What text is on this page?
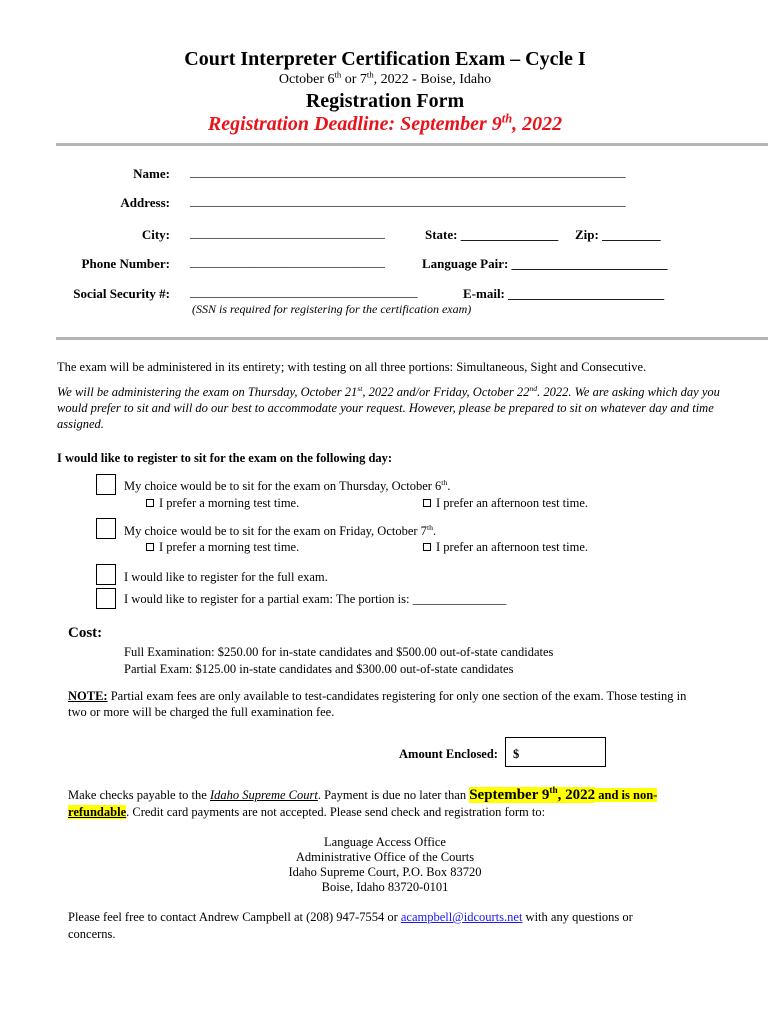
Court Interpreter Certification Exam – Cycle I
October 6th or 7th, 2022 - Boise, Idaho
Registration Form
Registration Deadline: September 9th, 2022
Name: ___________________________________________________________________
Address: ___________________________________________________________________
City: ______________________________	State: _______________ Zip: _________
Phone Number: ______________________________	Language Pair: ________________________
Social Security #: ___________________________________	E-mail: ________________________
(SSN is required for registering for the certification exam)
The exam will be administered in its entirety; with testing on all three portions: Simultaneous, Sight and Consecutive.
We will be administering the exam on Thursday, October 21st, 2022 and/or Friday, October 22nd. 2022. We are asking which day you would prefer to sit and will do our best to accommodate your request. However, please be prepared to sit on whatever day and time assigned.
I would like to register to sit for the exam on the following day:
My choice would be to sit for the exam on Thursday, October 6th.
I prefer a morning test time.	I prefer an afternoon test time.
My choice would be to sit for the exam on Friday, October 7th.
I prefer a morning test time.	I prefer an afternoon test time.
I would like to register for the full exam.
I would like to register for a partial exam: The portion is: _______________
Cost:
Full Examination: $250.00 for in-state candidates and $500.00 out-of-state candidates
Partial Exam: $125.00 in-state candidates and $300.00 out-of-state candidates
NOTE: Partial exam fees are only available to test-candidates registering for only one section of the exam. Those testing in two or more will be charged the full examination fee.
Amount Enclosed: $
Make checks payable to the Idaho Supreme Court. Payment is due no later than September 9th, 2022 and is non-refundable. Credit card payments are not accepted. Please send check and registration form to:
Language Access Office
Administrative Office of the Courts
Idaho Supreme Court, P.O. Box 83720
Boise, Idaho 83720-0101
Please feel free to contact Andrew Campbell at (208) 947-7554 or acampbell@idcourts.net with any questions or concerns.
